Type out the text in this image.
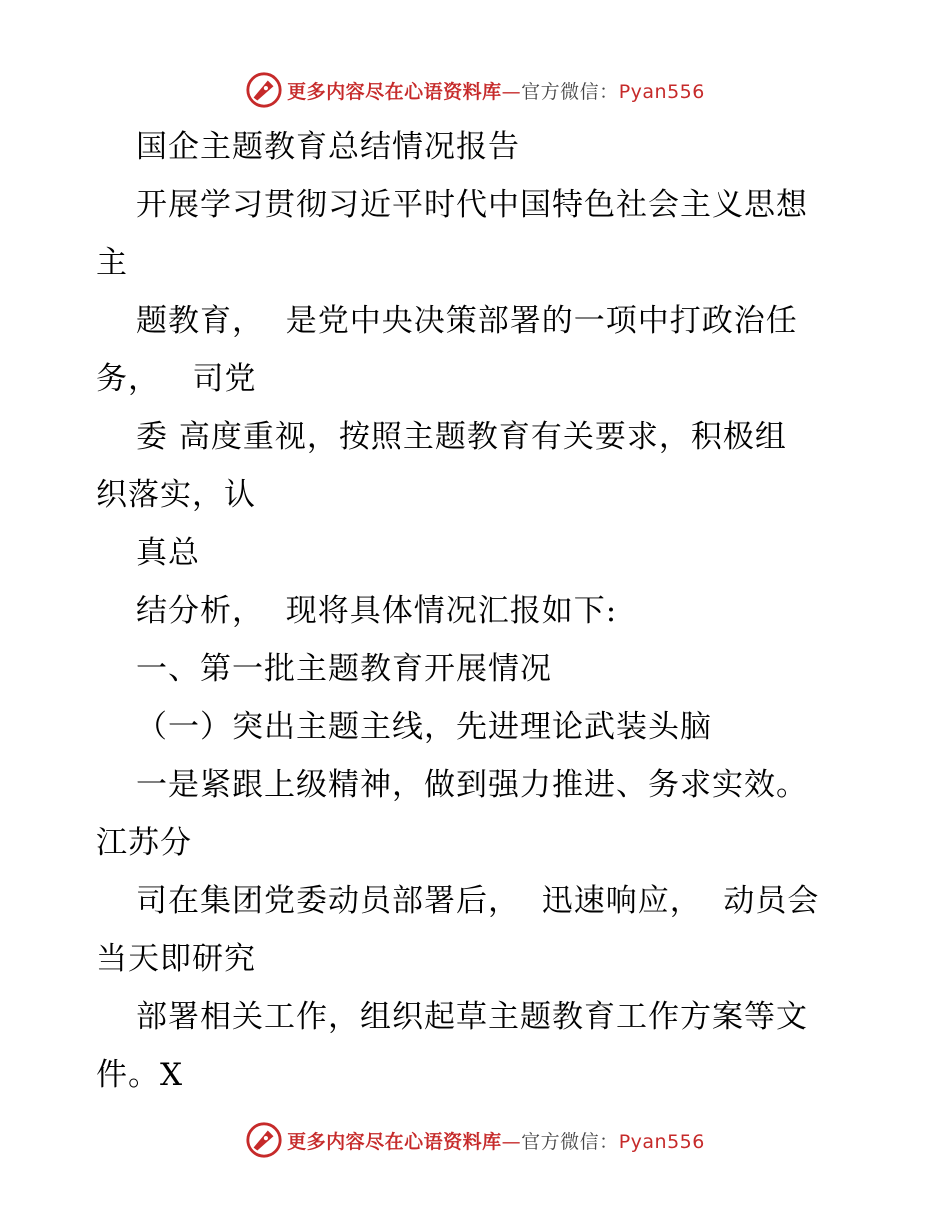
更多内容尽在心语资料库—官方微信：Pyan556
国企主题教育总结情况报告
开展学习贯彻习近平时代中国特色社会主义思想
主
题教育，  是党中央决策部署的一项中打政治任
务，   司党
委 高度重视，按照主题教育有关要求，积极组
织落实，认
真总
结分析，  现将具体情况汇报如下:
一、第一批主题教育开展情况
（一）突出主题主线，先进理论武装头脑
一是紧跟上级精神，做到强力推进、务求实效。
江苏分
司在集团党委动员部署后，  迅速响应，  动员会
当天即研究
部署相关工作，组织起草主题教育工作方案等文
件。X
更多内容尽在心语资料库—官方微信：Pyan556
